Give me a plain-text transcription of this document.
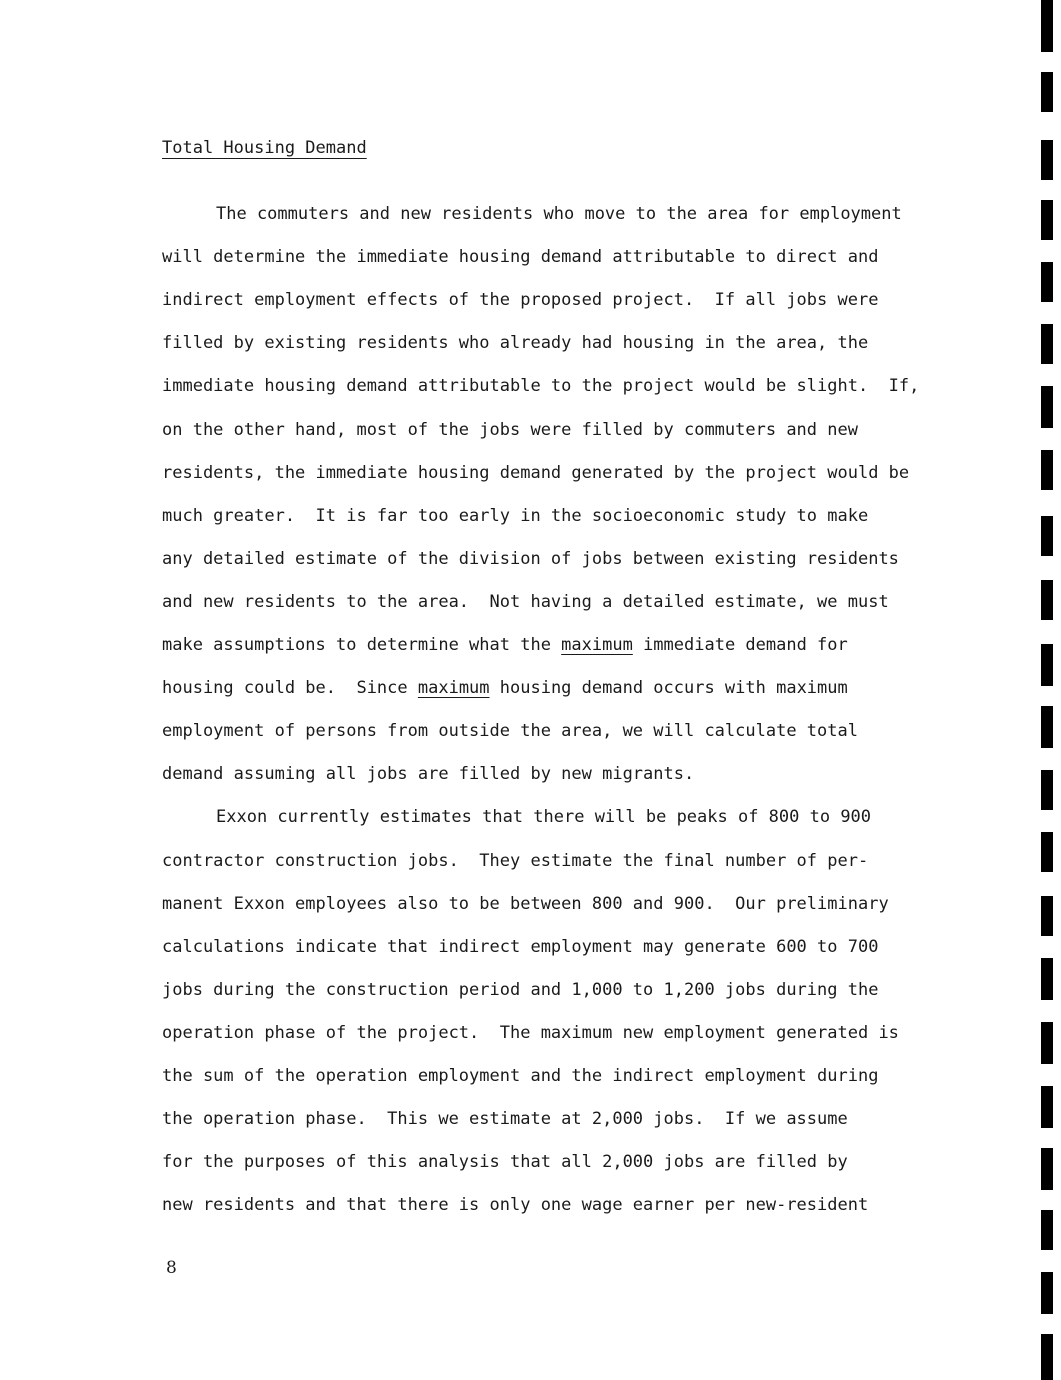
Total Housing Demand
The commuters and new residents who move to the area for employment
will determine the immediate housing demand attributable to direct and
indirect employment effects of the proposed project.  If all jobs were
filled by existing residents who already had housing in the area, the
immediate housing demand attributable to the project would be slight.  If,
on the other hand, most of the jobs were filled by commuters and new
residents, the immediate housing demand generated by the project would be
much greater.  It is far too early in the socioeconomic study to make
any detailed estimate of the division of jobs between existing residents
and new residents to the area.  Not having a detailed estimate, we must
make assumptions to determine what the maximum immediate demand for
housing could be.  Since maximum housing demand occurs with maximum
employment of persons from outside the area, we will calculate total
demand assuming all jobs are filled by new migrants.
Exxon currently estimates that there will be peaks of 800 to 900
contractor construction jobs.  They estimate the final number of per-
manent Exxon employees also to be between 800 and 900.  Our preliminary
calculations indicate that indirect employment may generate 600 to 700
jobs during the construction period and 1,000 to 1,200 jobs during the
operation phase of the project.  The maximum new employment generated is
the sum of the operation employment and the indirect employment during
the operation phase.  This we estimate at 2,000 jobs.  If we assume
for the purposes of this analysis that all 2,000 jobs are filled by
new residents and that there is only one wage earner per new-resident
8
